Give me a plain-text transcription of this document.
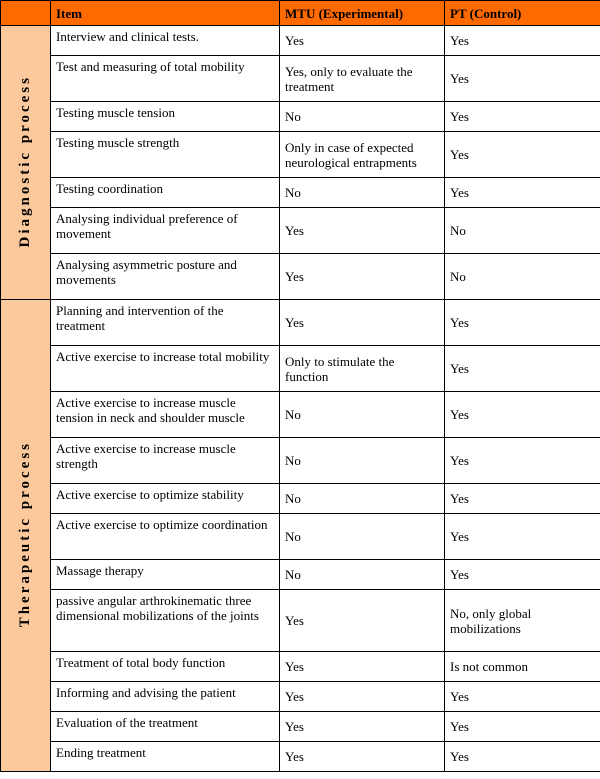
	Item	MTU (Experimental)	PT (Control)
Diagnostic process	Interview and clinical tests.	Yes	Yes
	Test and measuring of total mobility	Yes, only to evaluate the treatment	Yes
	Testing muscle tension	No	Yes
	Testing muscle strength	Only in case of expected neurological entrapments	Yes
	Testing coordination	No	Yes
	Analysing individual preference of movement	Yes	No
	Analysing asymmetric posture and movements	Yes	No
Therapeutic process	Planning and intervention of the treatment	Yes	Yes
	Active exercise to increase total mobility	Only to stimulate the function	Yes
	Active exercise to increase muscle tension in neck and shoulder muscle	No	Yes
	Active exercise to increase muscle strength	No	Yes
	Active exercise to optimize stability	No	Yes
	Active exercise to optimize coordination	No	Yes
	Massage therapy	No	Yes
	passive angular arthrokinematic three dimensional mobilizations of the joints	Yes	No, only global mobilizations
	Treatment of total body function	Yes	Is not common
	Informing and advising the patient	Yes	Yes
	Evaluation of the treatment	Yes	Yes
	Ending treatment	Yes	Yes
